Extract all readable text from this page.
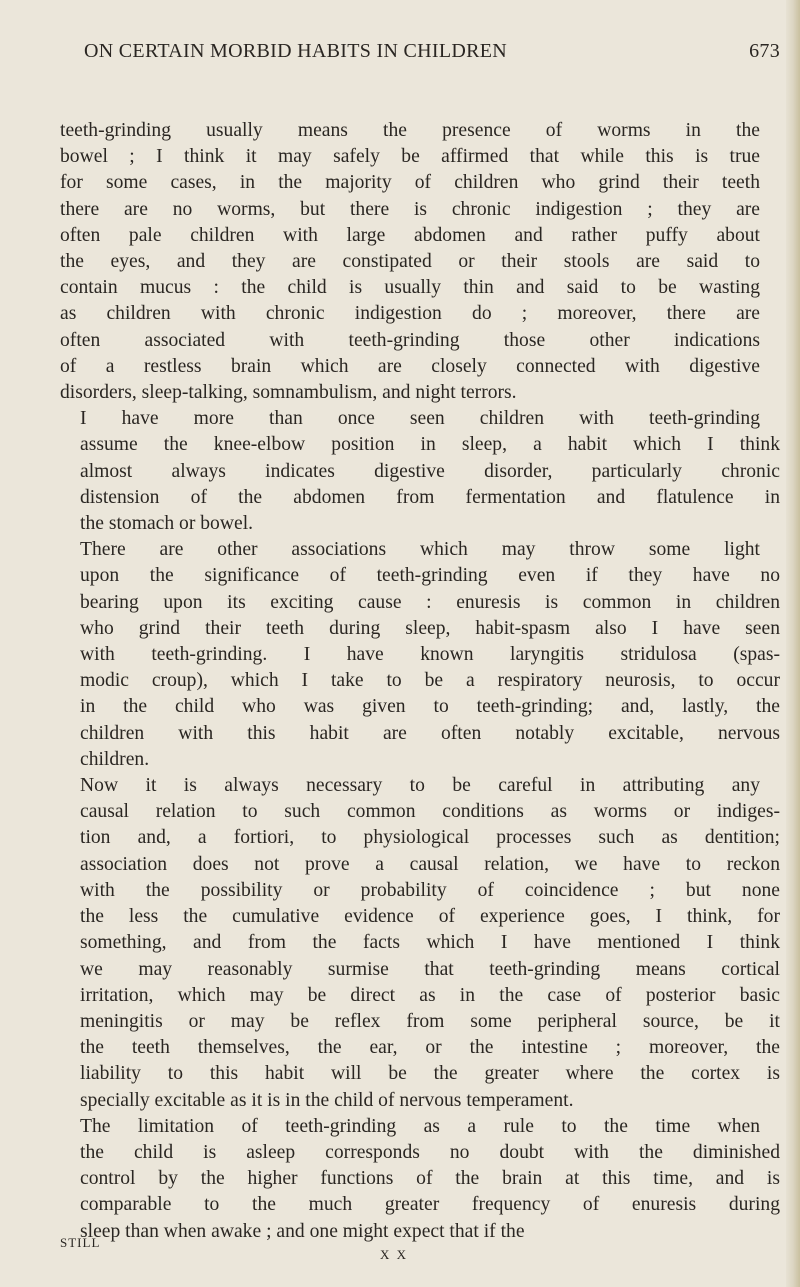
ON CERTAIN MORBID HABITS IN CHILDREN	673

teeth-grinding usually means the presence of worms in the
bowel ; I think it may safely be affirmed that while this is true
for some cases, in the majority of children who grind their teeth
there are no worms, but there is chronic indigestion ; they are
often pale children with large abdomen and rather puffy about
the eyes, and they are constipated or their stools are said to
contain mucus : the child is usually thin and said to be wasting
as children with chronic indigestion do ; moreover, there are
often associated with teeth-grinding those other indications
of a restless brain which are closely connected with digestive
disorders, sleep-talking, somnambulism, and night terrors.

I have more than once seen children with teeth-grinding
assume the knee-elbow position in sleep, a habit which I think
almost always indicates digestive disorder, particularly chronic
distension of the abdomen from fermentation and flatulence in
the stomach or bowel.

There are other associations which may throw some light
upon the significance of teeth-grinding even if they have no
bearing upon its exciting cause : enuresis is common in children
who grind their teeth during sleep, habit-spasm also I have seen
with teeth-grinding. I have known laryngitis stridulosa (spas-
modic croup), which I take to be a respiratory neurosis, to occur
in the child who was given to teeth-grinding; and, lastly, the
children with this habit are often notably excitable, nervous
children.

Now it is always necessary to be careful in attributing any
causal relation to such common conditions as worms or indiges-
tion and, a fortiori, to physiological processes such as dentition;
association does not prove a causal relation, we have to reckon
with the possibility or probability of coincidence ; but none
the less the cumulative evidence of experience goes, I think, for
something, and from the facts which I have mentioned I think
we may reasonably surmise that teeth-grinding means cortical
irritation, which may be direct as in the case of posterior basic
meningitis or may be reflex from some peripheral source, be it
the teeth themselves, the ear, or the intestine ; moreover, the
liability to this habit will be the greater where the cortex is
specially excitable as it is in the child of nervous temperament.

The limitation of teeth-grinding as a rule to the time when
the child is asleep corresponds no doubt with the diminished
control by the higher functions of the brain at this time, and is
comparable to the much greater frequency of enuresis during
sleep than when awake ; and one might expect that if the

STILL
X X
